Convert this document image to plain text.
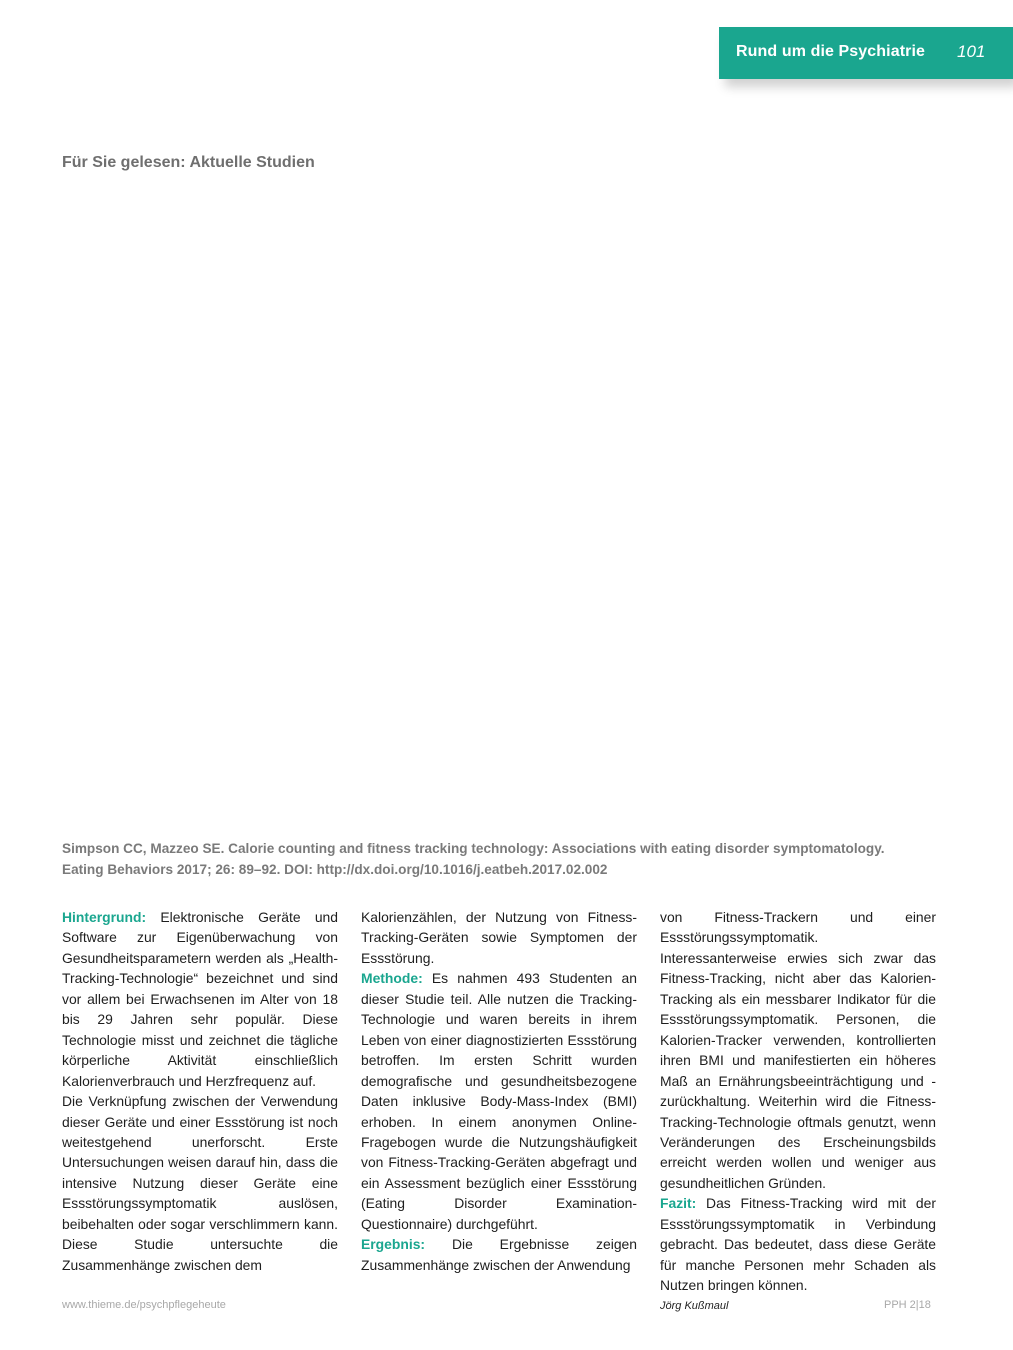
Rund um die Psychiatrie 101
Für Sie gelesen: Aktuelle Studien
Simpson CC, Mazzeo SE. Calorie counting and fitness tracking technology: Associations with eating disorder symptomatology.
Eating Behaviors 2017; 26: 89–92. DOI: http://dx.doi.org/10.1016/j.eatbeh.2017.02.002

Hintergrund: Elektronische Geräte und Software zur Eigenüberwachung von Gesundheitsparametern werden als „Health-Tracking-Technologie“ bezeichnet und sind vor allem bei Erwachsenen im Alter von 18 bis 29 Jahren sehr populär. Diese Technologie misst und zeichnet die tägliche körperliche Aktivität einschließlich Kalorienverbrauch und Herzfrequenz auf.

Die Verknüpfung zwischen der Verwendung dieser Geräte und einer Essstörung ist noch weitestgehend unerforscht. Erste Untersuchungen weisen darauf hin, dass die intensive Nutzung dieser Geräte eine Essstörungssymptomatik auslösen, beibehalten oder sogar verschlimmern kann. Diese Studie untersuchte die Zusammenhänge zwischen dem

Kalorienzählen, der Nutzung von Fitness-Tracking-Geräten sowie Symptomen der Essstörung.

Methode: Es nahmen 493 Studenten an dieser Studie teil. Alle nutzen die Tracking-Technologie und waren bereits in ihrem Leben von einer diagnostizierten Essstörung betroffen. Im ersten Schritt wurden demografische und gesundheitsbezogene Daten inklusive Body-Mass-Index (BMI) erhoben. In einem anonymen Online-Fragebogen wurde die Nutzungshäufigkeit von Fitness-Tracking-Geräten abgefragt und ein Assessment bezüglich einer Essstörung (Eating Disorder Examination-Questionnaire) durchgeführt.

Ergebnis: Die Ergebnisse zeigen Zusammenhänge zwischen der Anwendung

von Fitness-Trackern und einer Essstörungssymptomatik. Interessanterweise erwies sich zwar das Fitness-Tracking, nicht aber das Kalorien-Tracking als ein messbarer Indikator für die Essstörungssymptomatik. Personen, die Kalorien-Tracker verwenden, kontrollierten ihren BMI und manifestierten ein höheres Maß an Ernährungsbeeinträchtigung und -zurückhaltung. Weiterhin wird die Fitness-Tracking-Technologie oftmals genutzt, wenn Veränderungen des Erscheinungsbilds erreicht werden wollen und weniger aus gesundheitlichen Gründen.

Fazit: Das Fitness-Tracking wird mit der Essstörungssymptomatik in Verbindung gebracht. Das bedeutet, dass diese Geräte für manche Personen mehr Schaden als Nutzen bringen können.

Jörg Kußmaul

www.thieme.de/psychpflegeheute	PPH 2|18
